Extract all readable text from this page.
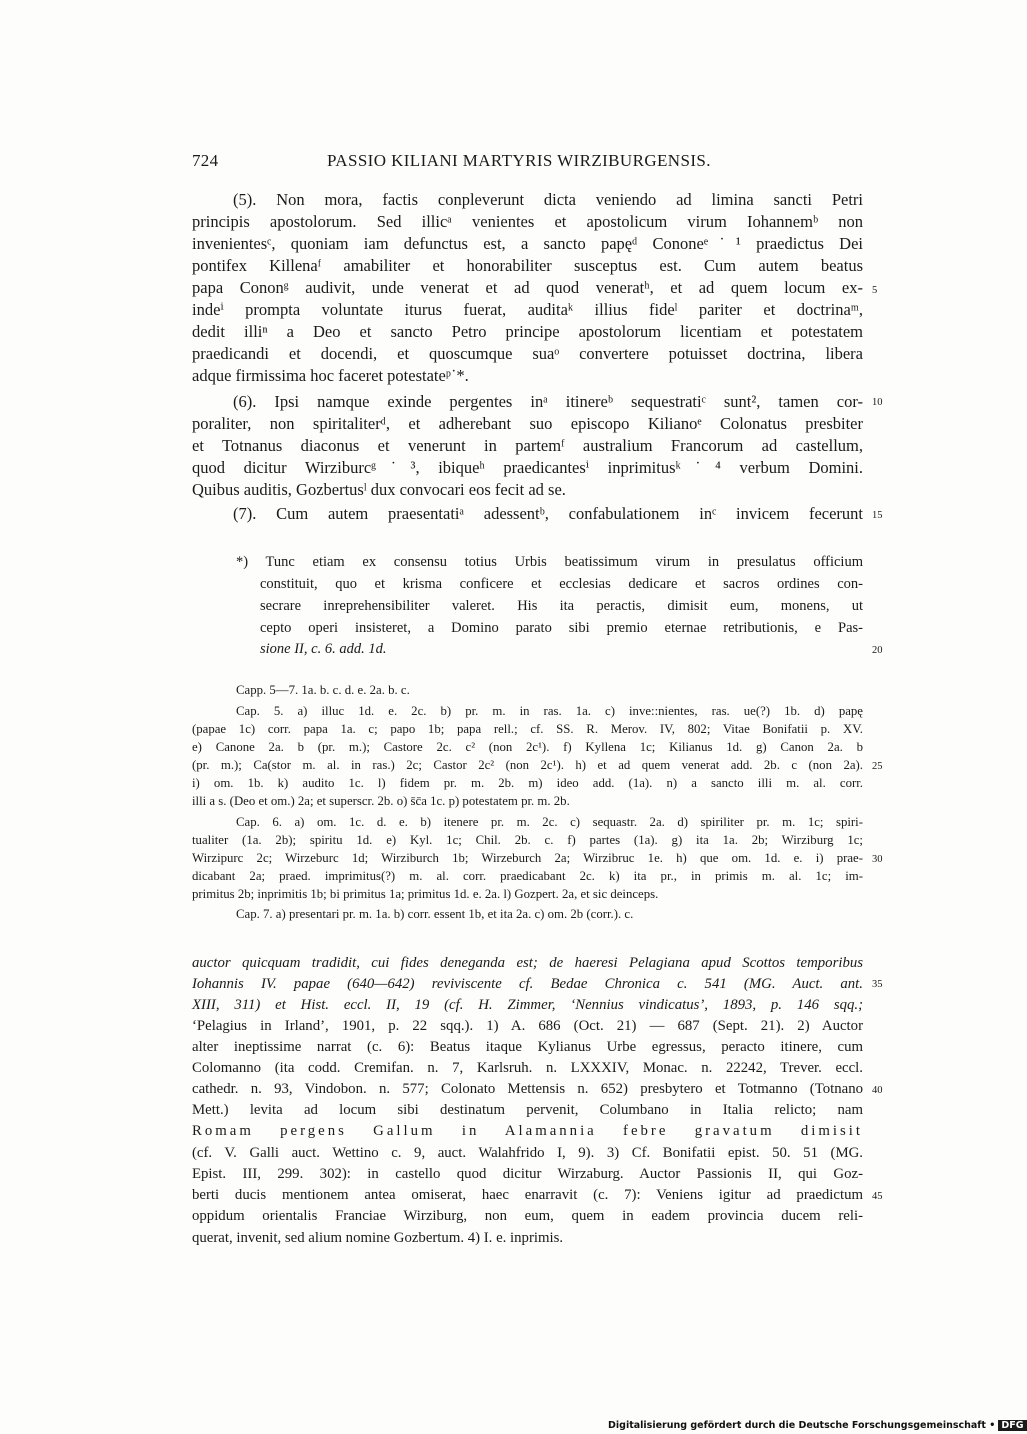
724	PASSIO KILIANI MARTYRIS WIRZIBURGENSIS.
(5). Non mora, factis conpleverunt dicta veniendo ad limina sancti Petri
principis apostolorum. Sed illicᵃ venientes et apostolicum virum Iohannemᵇ non
invenientesᶜ, quoniam iam defunctus est, a sancto papęᵈ Cononeᵉ˙¹ praedictus Dei
pontifex Killenaᶠ amabiliter et honorabiliter susceptus est. Cum autem beatus
papa Cononᵍ audivit, unde venerat et ad quod veneratʰ, et ad quem locum ex-
indeⁱ prompta voluntate iturus fuerat, auditaᵏ illius fideˡ pariter et doctrinaᵐ,
dedit illiⁿ a Deo et sancto Petro principe apostolorum licentiam et potestatem
praedicandi et docendi, et quoscumque suaᵒ convertere potuisset doctrina, libera
adque firmissima hoc faceret potestateᵖ˙*.
(6). Ipsi namque exinde pergentes inᵃ itinereᵇ sequestratiᶜ sunt², tamen cor-
poraliter, non spiritaliterᵈ, et adherebant suo episcopo Kilianoᵉ Colonatus presbiter
et Totnanus diaconus et venerunt in partemᶠ australium Francorum ad castellum,
quod dicitur Wirziburcᵍ˙³, ibiqueʰ praedicantesⁱ inprimitusᵏ˙⁴ verbum Domini.
Quibus auditis, Gozbertusˡ dux convocari eos fecit ad se.
(7). Cum autem praesentatiᵃ adessentᵇ, confabulationem inᶜ invicem fecerunt
5
10
15
*) Tunc etiam ex consensu totius Urbis beatissimum virum in presulatus officium
constituit, quo et krisma conficere et ecclesias dedicare et sacros ordines con-
secrare inreprehensibiliter valeret. His ita peractis, dimisit eum, monens, ut
cepto operi insisteret, a Domino parato sibi premio eternae retributionis, e Pas-
sione II, c. 6. add. 1d.	20
Capp. 5—7. 1a. b. c. d. e. 2a. b. c.
Cap. 5. a) illuc 1d. e. 2c. b) pr. m. in ras. 1a. c) inve::nientes, ras. ue(?) 1b. d) papę
(papae 1c) corr. papa 1a. c; papo 1b; papa rell.; cf. SS. R. Merov. IV, 802; Vitae Bonifatii p. XV.
e) Canone 2a. b (pr. m.); Castore 2c. c² (non 2c¹). f) Kyllena 1c; Kilianus 1d. g) Canon 2a. b
(pr. m.); Ca(stor m. al. in ras.) 2c; Castor 2c² (non 2c¹). h) et ad quem venerat add. 2b. c (non 2a).
i) om. 1b. k) audito 1c. l) fidem pr. m. 2b. m) ideo add. (1a). n) a sancto illi m. al. corr.
illi a s. (Deo et om.) 2a; et superscr. 2b. o) s̄c̄a 1c. p) potestatem pr. m. 2b.
Cap. 6. a) om. 1c. d. e. b) itenere pr. m. 2c. c) sequastr. 2a. d) spiriliter pr. m. 1c; spiri-
tualiter (1a. 2b); spiritu 1d. e) Kyl. 1c; Chil. 2b. c. f) partes (1a). g) ita 1a. 2b; Wirziburg 1c;
Wirzipurc 2c; Wirzeburc 1d; Wirziburch 1b; Wirzeburch 2a; Wirzibruc 1e. h) que om. 1d. e. i) prae-
dicabant 2a; praed. imprimitus(?) m. al. corr. praedicabant 2c. k) ita pr., in primis m. al. 1c; im-
primitus 2b; inprimitis 1b; bi primitus 1a; primitus 1d. e. 2a. l) Gozpert. 2a, et sic deinceps.
Cap. 7. a) presentari pr. m. 1a. b) corr. essent 1b, et ita 2a. c) om. 2b (corr.). c.
25
30
auctor quicquam tradidit, cui fides deneganda est; de haeresi Pelagiana apud Scottos temporibus
Iohannis IV. papae (640—642) reviviscente cf. Bedae Chronica c. 541 (MG. Auct. ant.
XIII, 311) et Hist. eccl. II, 19 (cf. H. Zimmer, ‘Nennius vindicatus’, 1893, p. 146 sqq.;
‘Pelagius in Irland’, 1901, p. 22 sqq.). 1) A. 686 (Oct. 21) — 687 (Sept. 21). 2) Auctor
alter ineptissime narrat (c. 6): Beatus itaque Kylianus Urbe egressus, peracto itinere, cum
Colomanno (ita codd. Cremifan. n. 7, Karlsruh. n. LXXXIV, Monac. n. 22242, Trever. eccl.
cathedr. n. 93, Vindobon. n. 577; Colonato Mettensis n. 652) presbytero et Totmanno (Totnano
Mett.) levita ad locum sibi destinatum pervenit, Columbano in Italia relicto; nam
Romam pergens Gallum in Alamannia febre gravatum dimisit
(cf. V. Galli auct. Wettino c. 9, auct. Walahfrido I, 9). 3) Cf. Bonifatii epist. 50. 51 (MG.
Epist. III, 299. 302): in castello quod dicitur Wirzaburg. Auctor Passionis II, qui Goz-
berti ducis mentionem antea omiserat, haec enarravit (c. 7): Veniens igitur ad praedictum
oppidum orientalis Franciae Wirziburg, non eum, quem in eadem provincia ducem reli-
querat, invenit, sed alium nomine Gozbertum. 4) I. e. inprimis.
35
40
45
Digitalisierung gefördert durch die Deutsche Forschungsgemeinschaft • DFG
